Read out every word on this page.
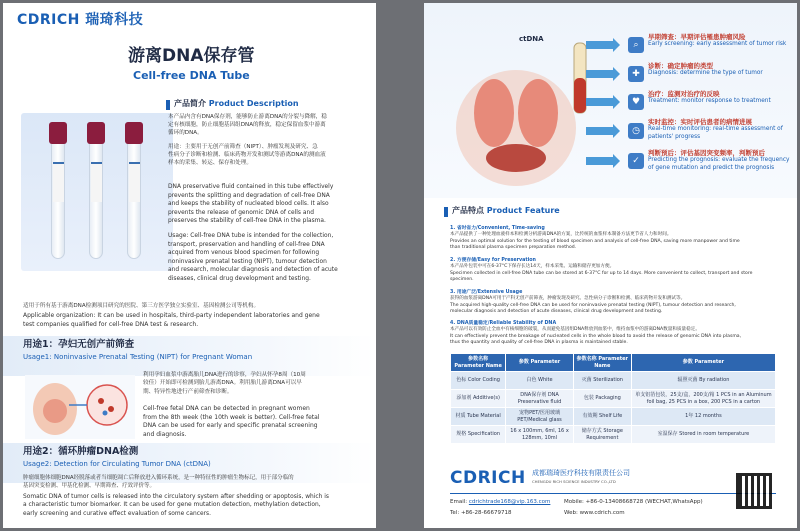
CDRICH 瑞琦科技
游离DNA保存管
Cell-free DNA Tube
产品简介 Product Description
本产品内含有DNA保存剂，能够防止游离DNA的分裂与降解，稳
定有核细胞，防止细胞基因组DNA的释放，稳定保留血浆中游离
循环的DNA。
用途：主要用于无创产前筛查（NIPT）、肿瘤发现及研究、急
性病分子诊断和检测、临床药物开发和测试等游离DNA的测血液
样本的采集、转运、保存和处理。
DNA preservative fluid contained in this tube effectively
prevents the splitting and degradation of cell-free DNA
and keeps the stability of nucleated blood cells. It also
prevents the release of genomic DNA of cells and
preserves the stability of cell-free DNA in the plasma.
Usage: Cell-free DNA tube is intended for the collection,
transport, preservation and handling of cell-free DNA
acquired from venous blood specimen for following
noninvasive prenatal testing (NIPT), tumour detection
and research, molecular diagnosis and detection of acute
diseases, clinical drug development and testing.
适用于所有基于游离DNA检测项目研究的医院、第三方医学独立实验室、基因检测公司等机构。
Applicable organization: It can be used in hospitals, third-party independent laboratories and gene
test companies qualified for cell-free DNA test & research.
用途1：孕妇无创产前筛查
Usage1: Noninvasive Prenatal Testing (NIPT) for Pregnant Woman
利用孕妇血浆中游离胎儿DNA进行的诊察，孕妇从怀孕8周（10周
较佳）开始即可检测到胎儿游离DNA。利用胎儿游离DNA可以早
期、特异性地进行产前筛查和诊断。
Cell-free fetal DNA can be detected in pregnant women
from the 8th week (the 10th week is better). Cell-free fetal
DNA can be used for early and specific prenatal screening
and diagnosis.
用途2：循环肿瘤DNA检测
Usage2: Detection for Circulating Tumor DNA (ctDNA)
肿瘤细胞体细胞DNA经脱落或者当细胞凋亡后释放进入循环系统，是一种特征性的肿瘤生物标记，用于部分临的
基因突变检测、甲基化检测、早期筛查、疗效评价等。
Somatic DNA of tumor cells is released into the circulatory system after shedding or apoptosis, which is
a characteristic tumor biomarker. It can be used for gene mutation detection, methylation detection,
early screening and curative effect evaluation of some cancers.
ctDNA
⌕
✚
♥
◷
✓
早期筛查：早期评估罹患肿瘤风险
Early screening: early assessment of tumor risk
诊断：确定肿瘤的类型
Diagnosis: determine the type of tumor
治疗：监测对治疗的反映
Treatment: monitor response to treatment
实时监控：实时评估患者的病情进展
Real-time monitoring: real-time assessment of
patients' progress
判断预后：评估基因突变频率，判断预后
Predicting the prognosis: evaluate the frequency
of gene mutation and predict the prognosis
产品特点 Product Feature
1. 省时省力/Convenient, Time-saving
本产品提供了一种处理血液样本和检测分析游离DNA的方案，比传统的血浆样本制备方法更节省人力和时间。
Provides an optimal solution for the testing of blood specimen and analysis of cell-free DNA, saving more manpower and time
than traditional plasma specimen preparation method.
2. 方便存储/Easy for Preservation
本产品外包装中可在6-37°C下保存长达14天，样本采集、运输和储存更加方便。
Specimen collected in cell-free DNA tube can be stored at 6-37°C for up to 14 days. More convenient to collect, transport and store
specimen.
3. 用途广泛/Extensive Usage
获得的血浆游离DNA可用于产科无创产前筛查，肿瘤发现及研究、急性病分子诊断和检测、临床药物开发和测试等。
The acquired high-quality cell-free DNA can be used for noninvasive prenatal testing (NIPT), tumour detection and research,
molecular diagnosis and detection of acute diseases, clinical drug development and testing.
4. DNA质量稳定/Reliable Stability of DNA
本产品可以有效防止全血中有核细胞的破裂，从而避免基因组DNA释放到血浆中，维持血浆中的游离DNA数量和质量稳定。
It can effectively prevent the breakage of nucleated cells in the whole blood to avoid the release of genomic DNA into plasma,
thus the quantity and quality of cell-free DNA in plasma is maintained stable.
参数名称 Parameter Name	参数 Parameter	参数名称 Parameter Name	参数 Parameter
色标 Color Coding	白色 White	灭菌 Sterilization	辐照灭菌 By radiation
添加剂 Additive(s)	DNA保存剂 DNA Preservative fluid	包装 Packaging	单支铝箔包装，25支/盒，200支/箱 1 PCS in an Aluminum foil bag, 25 PCS in a box, 200 PCS in a carton
材质 Tube Material	宠物PET/医用玻璃 PET/Medical glass	有效期 Shelf Life	1年 12 months
规格 Specification	16 x 100mm, 6ml, 16 x 128mm, 10ml	储存方式 Storage Requirement	室温保存 Stored in room temperature
CDRICH 成都瑞琦医疗科技有限责任公司
CHENGDU RICH SCIENCE INDUSTRY CO.,LTD
Email: cdrichtrade168@vip.163.com
Tel: +86-28-66679718
Mobile: +86-0-13408668728 (WECHAT,WhatsApp)
Web: www.cdrich.com
